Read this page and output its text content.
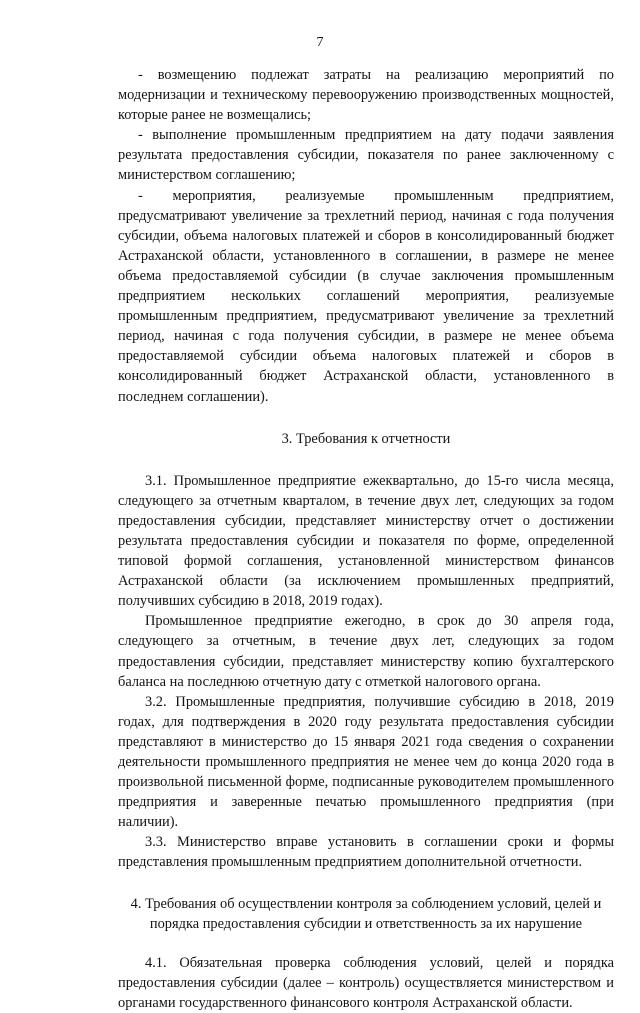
7

- возмещению подлежат затраты на реализацию мероприятий по модернизации и техническому перевооружению производственных мощностей, которые ранее не возмещались;

- выполнение промышленным предприятием на дату подачи заявления результата предоставления субсидии, показателя по ранее заключенному с министерством соглашению;

- мероприятия, реализуемые промышленным предприятием, предусматривают увеличение за трехлетний период, начиная с года получения субсидии, объема налоговых платежей и сборов в консолидированный бюджет Астраханской области, установленного в соглашении, в размере не менее объема предоставляемой субсидии (в случае заключения промышленным предприятием нескольких соглашений мероприятия, реализуемые промышленным предприятием, предусматривают увеличение за трехлетний период, начиная с года получения субсидии, в размере не менее объема предоставляемой субсидии объема налоговых платежей и сборов в консолидированный бюджет Астраханской области, установленного в последнем соглашении).

3. Требования к отчетности

3.1. Промышленное предприятие ежеквартально, до 15-го числа месяца, следующего за отчетным кварталом, в течение двух лет, следующих за годом предоставления субсидии, представляет министерству отчет о достижении результата предоставления субсидии и показателя по форме, определенной типовой формой соглашения, установленной министерством финансов Астраханской области (за исключением промышленных предприятий, получивших субсидию в 2018, 2019 годах).

Промышленное предприятие ежегодно, в срок до 30 апреля года, следующего за отчетным, в течение двух лет, следующих за годом предоставления субсидии, представляет министерству копию бухгалтерского баланса на последнюю отчетную дату с отметкой налогового органа.

3.2. Промышленные предприятия, получившие субсидию в 2018, 2019 годах, для подтверждения в 2020 году результата предоставления субсидии представляют в министерство до 15 января 2021 года сведения о сохранении деятельности промышленного предприятия не менее чем до конца 2020 года в произвольной письменной форме, подписанные руководителем промышленного предприятия и заверенные печатью промышленного предприятия (при наличии).

3.3. Министерство вправе установить в соглашении сроки и формы представления промышленным предприятием дополнительной отчетности.

4. Требования об осуществлении контроля за соблюдением условий, целей и порядка предоставления субсидии и ответственность за их нарушение

4.1. Обязательная проверка соблюдения условий, целей и порядка предоставления субсидии (далее – контроль) осуществляется министерством и органами государственного финансового контроля Астраханской области.
